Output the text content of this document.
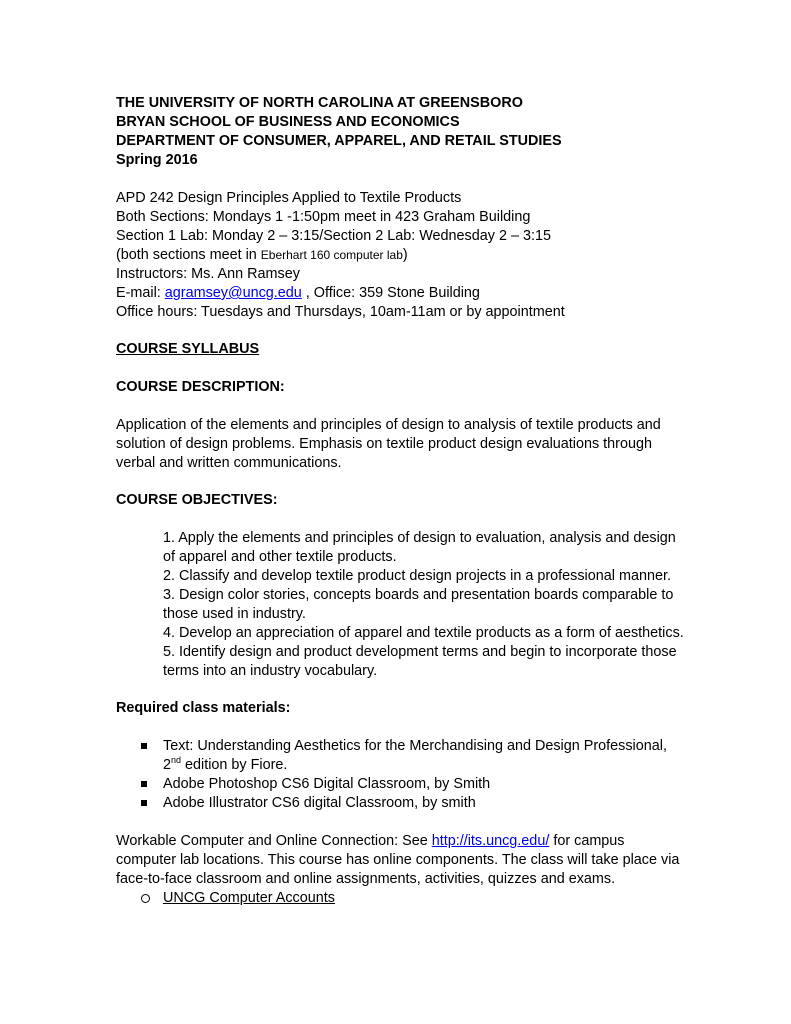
THE UNIVERSITY OF NORTH CAROLINA AT GREENSBORO

BRYAN SCHOOL OF BUSINESS AND ECONOMICS

DEPARTMENT OF CONSUMER, APPAREL, AND RETAIL STUDIES

Spring 2016

APD 242 Design Principles Applied to Textile Products

Both Sections: Mondays 1 -1:50pm meet in 423 Graham Building

Section 1 Lab: Monday 2 – 3:15/Section 2 Lab: Wednesday 2 – 3:15

(both sections meet in Eberhart 160 computer lab)

Instructors: Ms. Ann Ramsey

E-mail: agramsey@uncg.edu , Office: 359 Stone Building

Office hours: Tuesdays and Thursdays, 10am-11am or by appointment

COURSE SYLLABUS

COURSE DESCRIPTION:

Application of the elements and principles of design to analysis of textile products and solution of design problems. Emphasis on textile product design evaluations through verbal and written communications.

COURSE OBJECTIVES:

1. Apply the elements and principles of design to evaluation, analysis and design of apparel and other textile products.

2. Classify and develop textile product design projects in a professional manner.

3. Design color stories, concepts boards and presentation boards comparable to those used in industry.

4. Develop an appreciation of apparel and textile products as a form of aesthetics.

5. Identify design and product development terms and begin to incorporate those terms into an industry vocabulary.

Required class materials:

Text: Understanding Aesthetics for the Merchandising and Design Professional, 2nd edition by Fiore.
Adobe Photoshop CS6 Digital Classroom, by Smith
Adobe Illustrator CS6 digital Classroom, by smith

Workable Computer and Online Connection: See http://its.uncg.edu/ for campus computer lab locations. This course has online components. The class will take place via face-to-face classroom and online assignments, activities, quizzes and exams.

UNCG Computer Accounts
